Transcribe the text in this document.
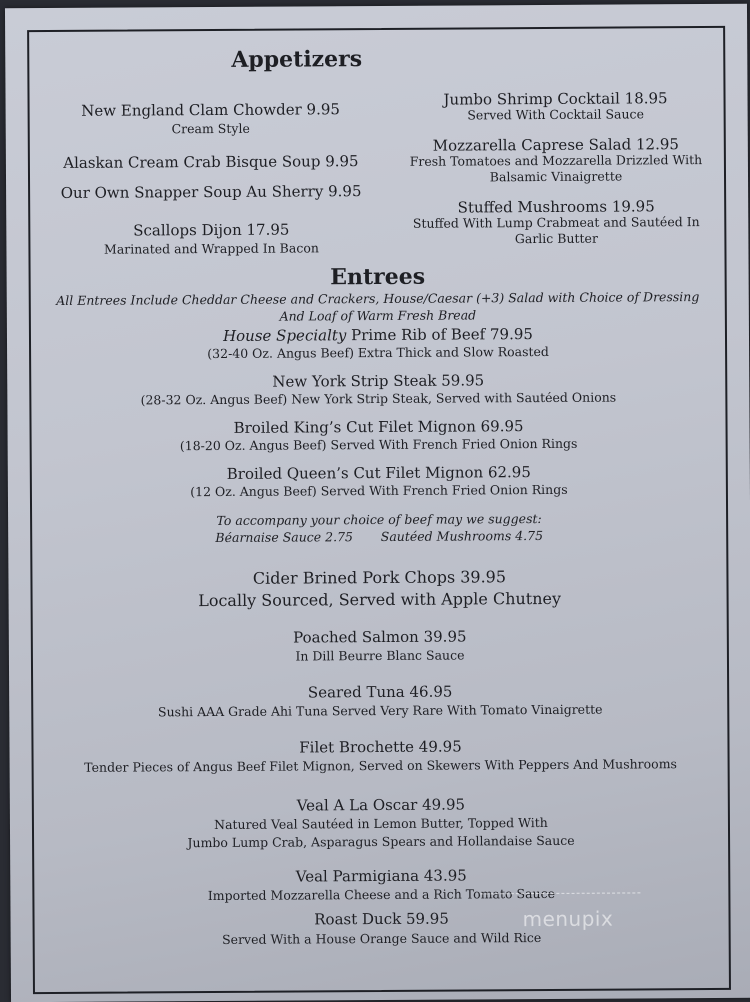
Appetizers
New England Clam Chowder 9.95
Cream Style
Alaskan Cream Crab Bisque Soup 9.95
Our Own Snapper Soup Au Sherry 9.95
Scallops Dijon 17.95
Marinated and Wrapped In Bacon
Jumbo Shrimp Cocktail 18.95
Served With Cocktail Sauce
Mozzarella Caprese Salad 12.95
Fresh Tomatoes and Mozzarella Drizzled With
Balsamic Vinaigrette
Stuffed Mushrooms 19.95
Stuffed With Lump Crabmeat and Sautéed In
Garlic Butter
Entrees
All Entrees Include Cheddar Cheese and Crackers, House/Caesar (+3) Salad with Choice of Dressing
And Loaf of Warm Fresh Bread
House Specialty Prime Rib of Beef 79.95
(32-40 Oz. Angus Beef) Extra Thick and Slow Roasted
New York Strip Steak 59.95
(28-32 Oz. Angus Beef) New York Strip Steak, Served with Sautéed Onions
Broiled King’s Cut Filet Mignon 69.95
(18-20 Oz. Angus Beef) Served With French Fried Onion Rings
Broiled Queen’s Cut Filet Mignon 62.95
(12 Oz. Angus Beef) Served With French Fried Onion Rings
To accompany your choice of beef may we suggest:
Béarnaise Sauce 2.75       Sautéed Mushrooms 4.75
Cider Brined Pork Chops 39.95
Locally Sourced, Served with Apple Chutney
Poached Salmon 39.95
In Dill Beurre Blanc Sauce
Seared Tuna 46.95
Sushi AAA Grade Ahi Tuna Served Very Rare With Tomato Vinaigrette
Filet Brochette 49.95
Tender Pieces of Angus Beef Filet Mignon, Served on Skewers With Peppers And Mushrooms
Veal A La Oscar 49.95
Natured Veal Sautéed in Lemon Butter, Topped With
Jumbo Lump Crab, Asparagus Spears and Hollandaise Sauce
Veal Parmigiana 43.95
Imported Mozzarella Cheese and a Rich Tomato Sauce
Roast Duck 59.95
Served With a House Orange Sauce and Wild Rice
menupix
